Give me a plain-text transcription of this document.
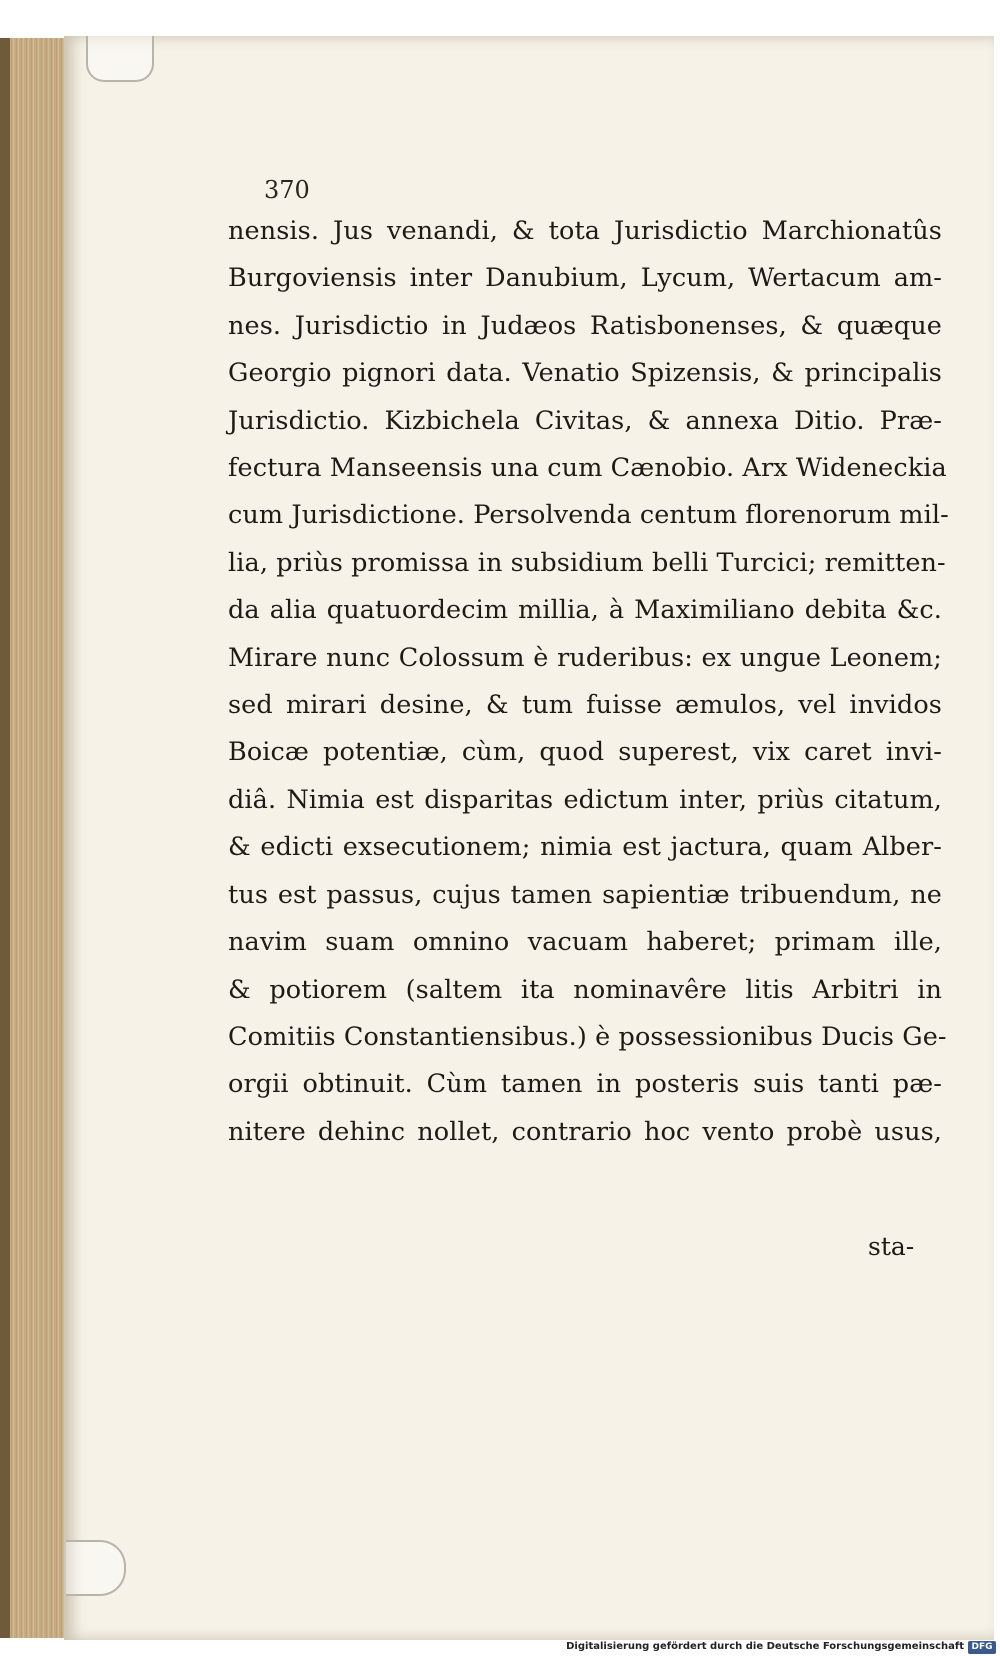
370
nensis. Jus venandi, & tota Jurisdictio Marchionatûs
Burgoviensis inter Danubium, Lycum, Wertacum am-
nes. Jurisdictio in Judæos Ratisbonenses, & quæque
Georgio pignori data. Venatio Spizensis, & principalis
Jurisdictio. Kizbichela Civitas, & annexa Ditio. Præ-
fectura Manseensis una cum Cænobio. Arx Wideneckia
cum Jurisdictione. Persolvenda centum florenorum mil-
lia, priùs promissa in subsidium belli Turcici; remitten-
da alia quatuordecim millia, à Maximiliano debita &c.
Mirare nunc Colossum è ruderibus: ex ungue Leonem;
sed mirari desine, & tum fuisse æmulos, vel invidos
Boicæ potentiæ, cùm, quod superest, vix caret invi-
diâ. Nimia est disparitas edictum inter, priùs citatum,
& edicti exsecutionem; nimia est jactura, quam Alber-
tus est passus, cujus tamen sapientiæ tribuendum, ne
navim suam omnino vacuam haberet; primam ille,
& potiorem (saltem ita nominavêre litis Arbitri in
Comitiis Constantiensibus.) è possessionibus Ducis Ge-
orgii obtinuit. Cùm tamen in posteris suis tanti pæ-
nitere dehinc nollet, contrario hoc vento probè usus,
sta-
Digitalisierung gefördert durch die Deutsche Forschungsgemeinschaft DFG
